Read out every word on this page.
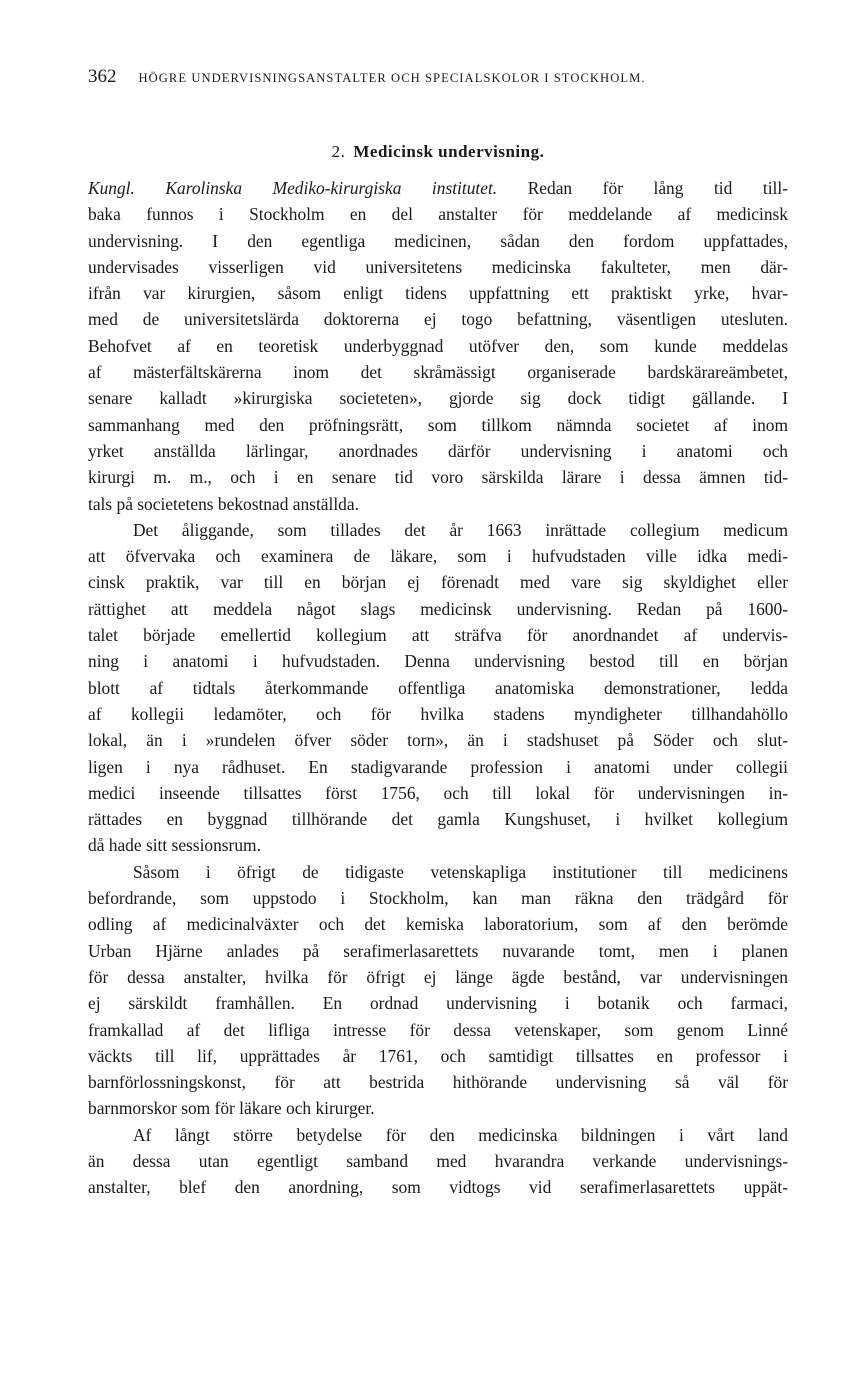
362 HÖGRE UNDERVISNINGSANSTALTER OCH SPECIALSKOLOR I STOCKHOLM.
2. Medicinsk undervisning.
Kungl. Karolinska Mediko-kirurgiska institutet. Redan för lång tid till-
baka funnos i Stockholm en del anstalter för meddelande af medicinsk
undervisning. I den egentliga medicinen, sådan den fordom uppfattades,
undervisades visserligen vid universitetens medicinska fakulteter, men där-
ifrån var kirurgien, såsom enligt tidens uppfattning ett praktiskt yrke, hvar-
med de universitetslärda doktorerna ej togo befattning, väsentligen utesluten.
Behofvet af en teoretisk underbyggnad utöfver den, som kunde meddelas
af mästerfältskärerna inom det skråmässigt organiserade bardskärareämbetet,
senare kalladt »kirurgiska societeten», gjorde sig dock tidigt gällande. I
sammanhang med den pröfningsrätt, som tillkom nämnda societet af inom
yrket anställda lärlingar, anordnades därför undervisning i anatomi och
kirurgi m. m., och i en senare tid voro särskilda lärare i dessa ämnen tid-
tals på societetens bekostnad anställda.
Det åliggande, som tillades det år 1663 inrättade collegium medicum
att öfvervaka och examinera de läkare, som i hufvudstaden ville idka medi-
cinsk praktik, var till en början ej förenadt med vare sig skyldighet eller
rättighet att meddela något slags medicinsk undervisning. Redan på 1600-
talet började emellertid kollegium att sträfva för anordnandet af undervis-
ning i anatomi i hufvudstaden. Denna undervisning bestod till en början
blott af tidtals återkommande offentliga anatomiska demonstrationer, ledda
af kollegii ledamöter, och för hvilka stadens myndigheter tillhandahöllo
lokal, än i »rundelen öfver söder torn», än i stadshuset på Söder och slut-
ligen i nya rådhuset. En stadigvarande profession i anatomi under collegii
medici inseende tillsattes först 1756, och till lokal för undervisningen in-
rättades en byggnad tillhörande det gamla Kungshuset, i hvilket kollegium
då hade sitt sessionsrum.
Såsom i öfrigt de tidigaste vetenskapliga institutioner till medicinens
befordrande, som uppstodo i Stockholm, kan man räkna den trädgård för
odling af medicinalväxter och det kemiska laboratorium, som af den berömde
Urban Hjärne anlades på serafimerlasarettets nuvarande tomt, men i planen
för dessa anstalter, hvilka för öfrigt ej länge ägde bestånd, var undervisningen
ej särskildt framhållen. En ordnad undervisning i botanik och farmaci,
framkallad af det lifliga intresse för dessa vetenskaper, som genom Linné
väckts till lif, upprättades år 1761, och samtidigt tillsattes en professor i
barnförlossningskonst, för att bestrida hithörande undervisning så väl för
barnmorskor som för läkare och kirurger.
Af långt större betydelse för den medicinska bildningen i vårt land
än dessa utan egentligt samband med hvarandra verkande undervisnings-
anstalter, blef den anordning, som vidtogs vid serafimerlasarettets uppät-
